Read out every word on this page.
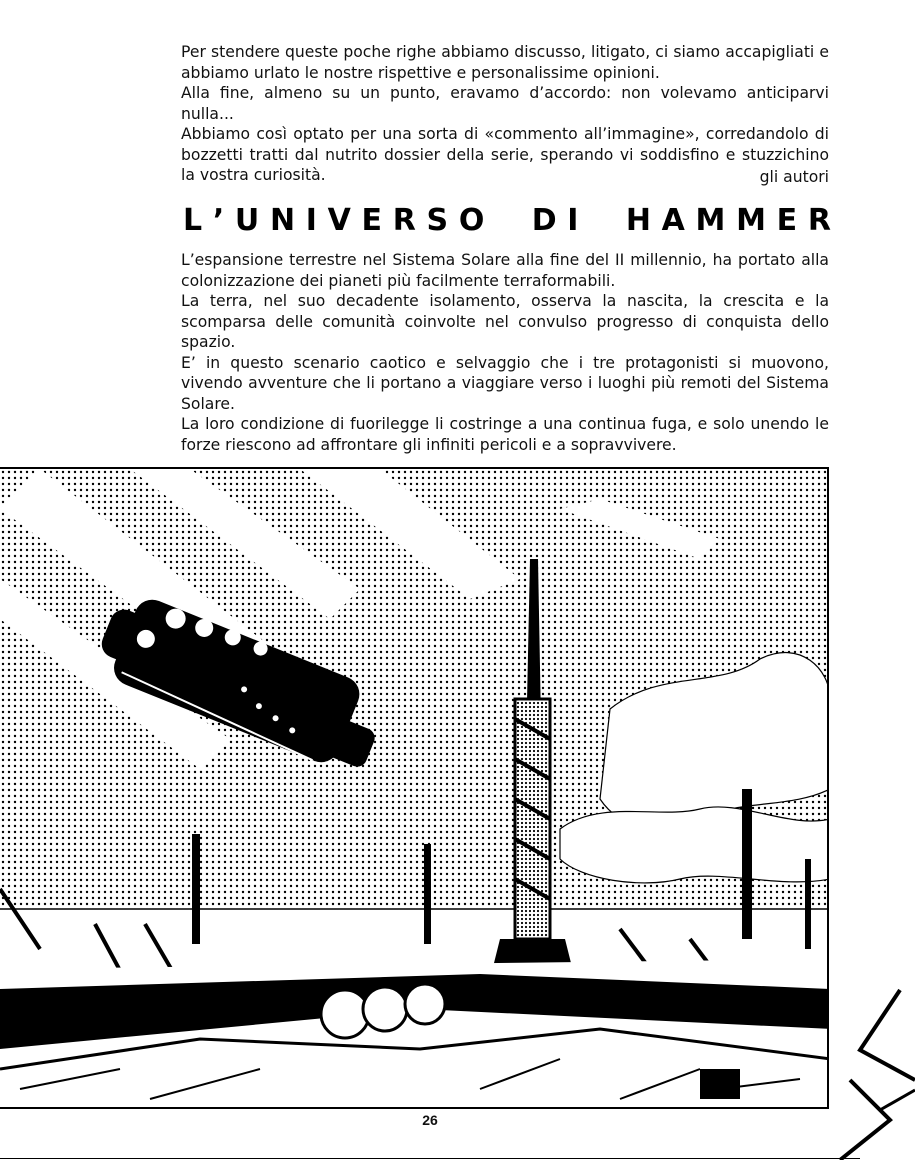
Per stendere queste poche righe abbiamo discusso, litigato, ci siamo accapigliati e abbiamo urlato le nostre rispettive e personalissime opinioni.

Alla fine, almeno su un punto, eravamo d’accordo: non volevamo anticiparvi nulla...

Abbiamo così optato per una sorta di «commento all’immagine», corredandolo di bozzetti tratti dal nutrito dossier della serie, sperando vi soddisfino e stuzzichino la vostra curiosità.	gli autori
L ’ U N I V E R S O D I H A M M E R

L’espansione terrestre nel Sistema Solare alla fine del II millennio, ha portato alla colonizzazione dei pianeti più facilmente terraformabili.

La terra, nel suo decadente isolamento, osserva la nascita, la crescita e la scomparsa delle comunità coinvolte nel convulso progresso di conquista dello spazio.

E’ in questo scenario caotico e selvaggio che i tre protagonisti si muovono, vivendo avventure che li portano a viaggiare verso i luoghi più remoti del Sistema Solare.

La loro condizione di fuorilegge li costringe a una continua fuga, e solo unendo le forze riescono ad affrontare gli infiniti pericoli e a sopravvivere.

26
